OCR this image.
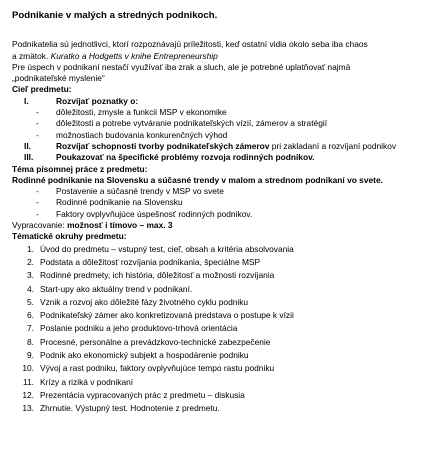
Podnikanie v malých a stredných podnikoch.
Podnikatelia sú jednotlivci, ktorí rozpoznávajú príležitosti, keď ostatní vidia okolo seba iba chaos
a zmätok. Kuratko a Hodgetts v knihe Entrepreneurship
Pre úspech v podnikaní nestačí využívať iba zrak a sluch, ale je potrebné uplatňovať najmä
„podnikateľské myslenie“
Cieľ predmetu:
I.	Rozvíjať poznatky o:
- dôležitosti, zmysle a funkcii MSP v ekonomike
- dôležitosti a potrebe vytváranie podnikateľských vízií, zámerov a stratégií
- možnostiach budovania konkurenčných výhod
II.	Rozvíjať schopnosti tvorby podnikateľských zámerov pri zakladaní a rozvíjaní podnikov
III.	Poukazovať na špecifické problémy rozvoja rodinných podnikov.
Téma písomnej práce z predmetu:
Rodinné podnikanie na Slovensku a súčasné trendy v malom a strednom podnikaní vo svete.
- Postavenie a súčasné trendy v MSP vo svete
- Rodinné podnikanie na Slovensku
- Faktory ovplyvňujúce úspešnosť rodinných podnikov.
Vypracovanie: možnosť i tímovo – max. 3
Tématické okruhy predmetu:
1. Úvod do predmetu – vstupný test, cieľ, obsah a kritéria absolvovania
2. Podstata a dôležitosť rozvíjania podnikania, špeciálne MSP
3. Rodinné predmety, ich história, dôležitosť a možnosti rozvíjania
4. Start-upy ako aktuálny trend v podnikaní.
5. Vznik a rozvoj ako dôležité fázy životného cyklu podniku
6. Podnikateľský zámer ako konkretizovaná predstava o postupe k vízii
7. Poslanie podniku a jeho produktovo-trhová orientácia
8. Procesné, personálne a prevádzkovo-technické zabezpečenie
9. Podnik ako ekonomický subjekt a hospodárenie podniku
10. Vývoj a rast podniku, faktory ovplyvňujúce tempo rastu podniku
11. Krízy a riziká v podnikaní
12. Prezentácia vypracovaných prác z predmetu – diskusia
13. Zhrnutie. Výstupný test. Hodnotenie z predmetu.
